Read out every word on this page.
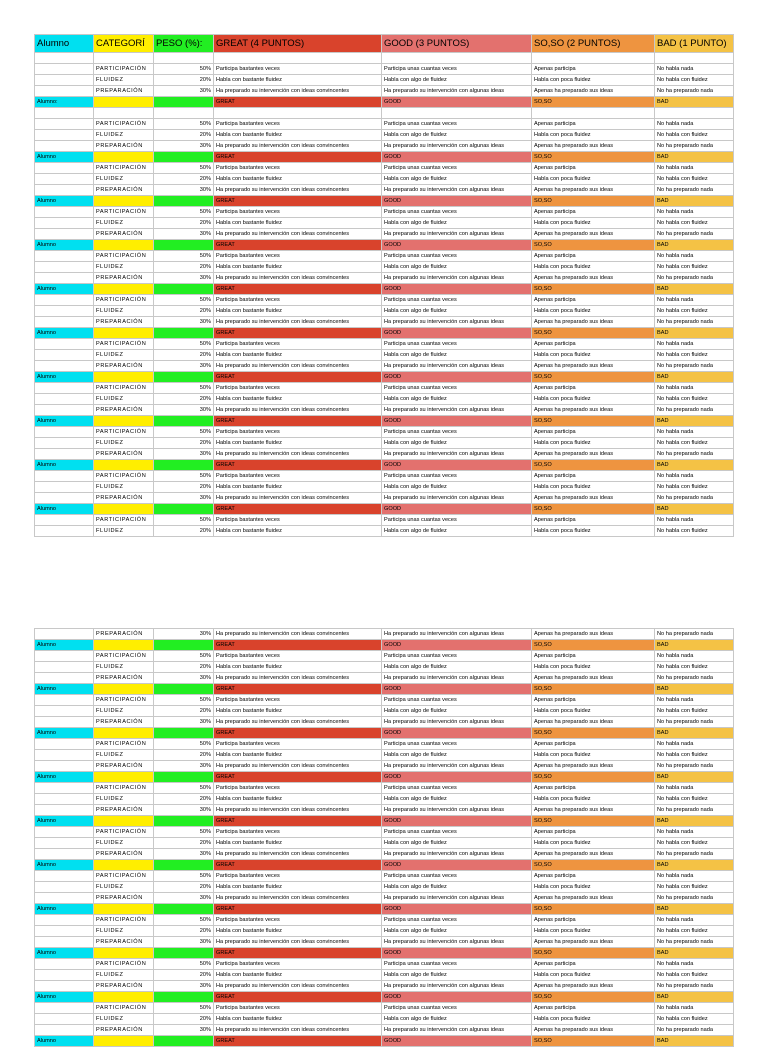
Alumno	CATEGORÍ	PESO (%):	GREAT (4 PUNTOS)	GOOD (3 PUNTOS)	SO,SO (2 PUNTOS)	BAD (1 PUNTO)

	PARTICIPACIÓN	50%	Participa bastantes veces	Participa unas cuantas veces	Apenas participa	No habla nada
	FLUIDEZ	20%	Habla con bastante fluidez	Habla con algo de fluidez	Habla con poca fluidez	No habla con fluidez
	PREPARACIÓN	30%	Ha preparado su intervención con ideas convincentes	Ha preparado su intervención con algunas ideas	Apenas ha preparado sus ideas	No ha preparado nada
Alumno:			GREAT	GOOD	SO,SO	BAD

	PARTICIPACIÓN	50%	Participa bastantes veces	Participa unas cuantas veces	Apenas participa	No habla nada
	FLUIDEZ	20%	Habla con bastante fluidez	Habla con algo de fluidez	Habla con poca fluidez	No habla con fluidez
	PREPARACIÓN	30%	Ha preparado su intervención con ideas convincentes	Ha preparado su intervención con algunas ideas	Apenas ha preparado sus ideas	No ha preparado nada
Alumno			GREAT	GOOD	SO,SO	BAD
	PARTICIPACIÓN	50%	Participa bastantes veces	Participa unas cuantas veces	Apenas participa	No habla nada
	FLUIDEZ	20%	Habla con bastante fluidez	Habla con algo de fluidez	Habla con poca fluidez	No habla con fluidez
	PREPARACIÓN	30%	Ha preparado su intervención con ideas convincentes	Ha preparado su intervención con algunas ideas	Apenas ha preparado sus ideas	No ha preparado nada
Alumno			GREAT	GOOD	SO,SO	BAD
	PARTICIPACIÓN	50%	Participa bastantes veces	Participa unas cuantas veces	Apenas participa	No habla nada
	FLUIDEZ	20%	Habla con bastante fluidez	Habla con algo de fluidez	Habla con poca fluidez	No habla con fluidez
	PREPARACIÓN	30%	Ha preparado su intervención con ideas convincentes	Ha preparado su intervención con algunas ideas	Apenas ha preparado sus ideas	No ha preparado nada
Alumno			GREAT	GOOD	SO,SO	BAD
	PARTICIPACIÓN	50%	Participa bastantes veces	Participa unas cuantas veces	Apenas participa	No habla nada
	FLUIDEZ	20%	Habla con bastante fluidez	Habla con algo de fluidez	Habla con poca fluidez	No habla con fluidez
	PREPARACIÓN	30%	Ha preparado su intervención con ideas convincentes	Ha preparado su intervención con algunas ideas	Apenas ha preparado sus ideas	No ha preparado nada
Alumno			GREAT	GOOD	SO,SO	BAD
	PARTICIPACIÓN	50%	Participa bastantes veces	Participa unas cuantas veces	Apenas participa	No habla nada
	FLUIDEZ	20%	Habla con bastante fluidez	Habla con algo de fluidez	Habla con poca fluidez	No habla con fluidez
	PREPARACIÓN	30%	Ha preparado su intervención con ideas convincentes	Ha preparado su intervención con algunas ideas	Apenas ha preparado sus ideas	No ha preparado nada
Alumno			GREAT	GOOD	SO,SO	BAD
	PARTICIPACIÓN	50%	Participa bastantes veces	Participa unas cuantas veces	Apenas participa	No habla nada
	FLUIDEZ	20%	Habla con bastante fluidez	Habla con algo de fluidez	Habla con poca fluidez	No habla con fluidez
	PREPARACIÓN	30%	Ha preparado su intervención con ideas convincentes	Ha preparado su intervención con algunas ideas	Apenas ha preparado sus ideas	No ha preparado nada
Alumno			GREAT	GOOD	SO,SO	BAD
	PARTICIPACIÓN	50%	Participa bastantes veces	Participa unas cuantas veces	Apenas participa	No habla nada
	FLUIDEZ	20%	Habla con bastante fluidez	Habla con algo de fluidez	Habla con poca fluidez	No habla con fluidez
	PREPARACIÓN	30%	Ha preparado su intervención con ideas convincentes	Ha preparado su intervención con algunas ideas	Apenas ha preparado sus ideas	No ha preparado nada
Alumno			GREAT	GOOD	SO,SO	BAD
	PARTICIPACIÓN	50%	Participa bastantes veces	Participa unas cuantas veces	Apenas participa	No habla nada
	FLUIDEZ	20%	Habla con bastante fluidez	Habla con algo de fluidez	Habla con poca fluidez	No habla con fluidez
	PREPARACIÓN	30%	Ha preparado su intervención con ideas convincentes	Ha preparado su intervención con algunas ideas	Apenas ha preparado sus ideas	No ha preparado nada
Alumno			GREAT	GOOD	SO,SO	BAD
	PARTICIPACIÓN	50%	Participa bastantes veces	Participa unas cuantas veces	Apenas participa	No habla nada
	FLUIDEZ	20%	Habla con bastante fluidez	Habla con algo de fluidez	Habla con poca fluidez	No habla con fluidez
	PREPARACIÓN	30%	Ha preparado su intervención con ideas convincentes	Ha preparado su intervención con algunas ideas	Apenas ha preparado sus ideas	No ha preparado nada
Alumno			GREAT	GOOD	SO,SO	BAD
	PARTICIPACIÓN	50%	Participa bastantes veces	Participa unas cuantas veces	Apenas participa	No habla nada
	FLUIDEZ	20%	Habla con bastante fluidez	Habla con algo de fluidez	Habla con poca fluidez	No habla con fluidez
	PREPARACIÓN	30%	Ha preparado su intervención con ideas convincentes	Ha preparado su intervención con algunas ideas	Apenas ha preparado sus ideas	No ha preparado nada
Alumno			GREAT	GOOD	SO,SO	BAD
	PARTICIPACIÓN	50%	Participa bastantes veces	Participa unas cuantas veces	Apenas participa	No habla nada
	FLUIDEZ	20%	Habla con bastante fluidez	Habla con algo de fluidez	Habla con poca fluidez	No habla con fluidez
	PREPARACIÓN	30%	Ha preparado su intervención con ideas convincentes	Ha preparado su intervención con algunas ideas	Apenas ha preparado sus ideas	No ha preparado nada
Alumno			GREAT	GOOD	SO,SO	BAD
	PARTICIPACIÓN	50%	Participa bastantes veces	Participa unas cuantas veces	Apenas participa	No habla nada
	FLUIDEZ	20%	Habla con bastante fluidez	Habla con algo de fluidez	Habla con poca fluidez	No habla con fluidez
	PREPARACIÓN	30%	Ha preparado su intervención con ideas convincentes	Ha preparado su intervención con algunas ideas	Apenas ha preparado sus ideas	No ha preparado nada
Alumno			GREAT	GOOD	SO,SO	BAD
	PARTICIPACIÓN	50%	Participa bastantes veces	Participa unas cuantas veces	Apenas participa	No habla nada
	FLUIDEZ	20%	Habla con bastante fluidez	Habla con algo de fluidez	Habla con poca fluidez	No habla con fluidez
	PREPARACIÓN	30%	Ha preparado su intervención con ideas convincentes	Ha preparado su intervención con algunas ideas	Apenas ha preparado sus ideas	No ha preparado nada
Alumno			GREAT	GOOD	SO,SO	BAD
	PARTICIPACIÓN	50%	Participa bastantes veces	Participa unas cuantas veces	Apenas participa	No habla nada
	FLUIDEZ	20%	Habla con bastante fluidez	Habla con algo de fluidez	Habla con poca fluidez	No habla con fluidez
	PREPARACIÓN	30%	Ha preparado su intervención con ideas convincentes	Ha preparado su intervención con algunas ideas	Apenas ha preparado sus ideas	No ha preparado nada
Alumno			GREAT	GOOD	SO,SO	BAD
	PARTICIPACIÓN	50%	Participa bastantes veces	Participa unas cuantas veces	Apenas participa	No habla nada
	FLUIDEZ	20%	Habla con bastante fluidez	Habla con algo de fluidez	Habla con poca fluidez	No habla con fluidez
	PREPARACIÓN	30%	Ha preparado su intervención con ideas convincentes	Ha preparado su intervención con algunas ideas	Apenas ha preparado sus ideas	No ha preparado nada
Alumno			GREAT	GOOD	SO,SO	BAD
	PARTICIPACIÓN	50%	Participa bastantes veces	Participa unas cuantas veces	Apenas participa	No habla nada
	FLUIDEZ	20%	Habla con bastante fluidez	Habla con algo de fluidez	Habla con poca fluidez	No habla con fluidez
	PREPARACIÓN	30%	Ha preparado su intervención con ideas convincentes	Ha preparado su intervención con algunas ideas	Apenas ha preparado sus ideas	No ha preparado nada
Alumno			GREAT	GOOD	SO,SO	BAD
	PARTICIPACIÓN	50%	Participa bastantes veces	Participa unas cuantas veces	Apenas participa	No habla nada
	FLUIDEZ	20%	Habla con bastante fluidez	Habla con algo de fluidez	Habla con poca fluidez	No habla con fluidez
	PREPARACIÓN	30%	Ha preparado su intervención con ideas convincentes	Ha preparado su intervención con algunas ideas	Apenas ha preparado sus ideas	No ha preparado nada
Alumno			GREAT	GOOD	SO,SO	BAD
	PARTICIPACIÓN	50%	Participa bastantes veces	Participa unas cuantas veces	Apenas participa	No habla nada
	FLUIDEZ	20%	Habla con bastante fluidez	Habla con algo de fluidez	Habla con poca fluidez	No habla con fluidez
	PREPARACIÓN	30%	Ha preparado su intervención con ideas convincentes	Ha preparado su intervención con algunas ideas	Apenas ha preparado sus ideas	No ha preparado nada
Alumno			GREAT	GOOD	SO,SO	BAD
	PARTICIPACIÓN	50%	Participa bastantes veces	Participa unas cuantas veces	Apenas participa	No habla nada
	FLUIDEZ	20%	Habla con bastante fluidez	Habla con algo de fluidez	Habla con poca fluidez	No habla con fluidez
	PREPARACIÓN	30%	Ha preparado su intervención con ideas convincentes	Ha preparado su intervención con algunas ideas	Apenas ha preparado sus ideas	No ha preparado nada
Alumno			GREAT	GOOD	SO,SO	BAD
